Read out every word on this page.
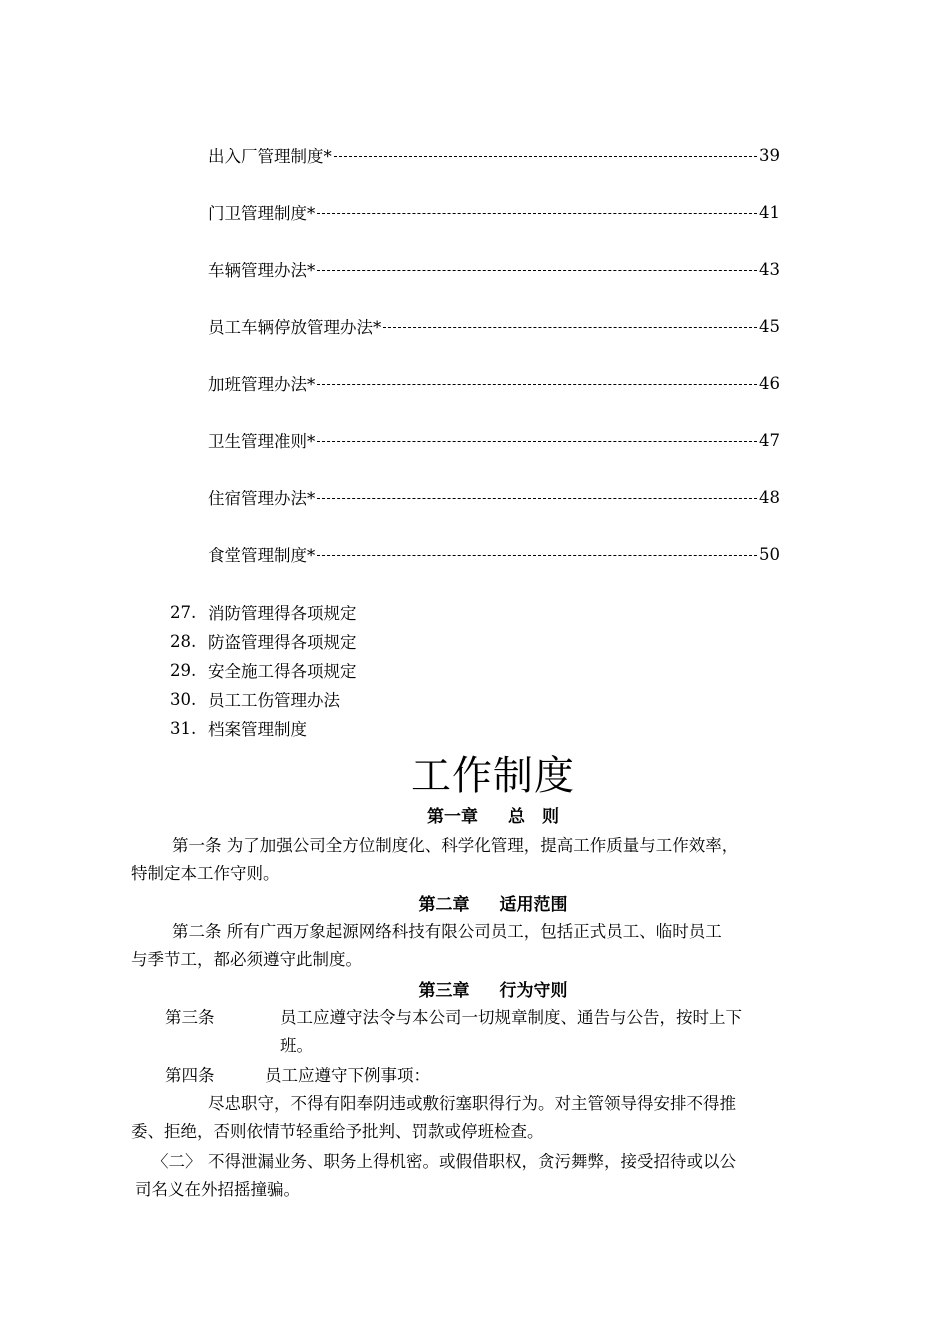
出入厂管理制度*	39
门卫管理制度*	41
车辆管理办法*	43
员工车辆停放管理办法*	45
加班管理办法*	46
卫生管理准则*	47
住宿管理办法*	48
食堂管理制度*	50
27. 消防管理得各项规定
28. 防盗管理得各项规定
29. 安全施工得各项规定
30. 员工工伤管理办法
31. 档案管理制度
工作制度
第一章 总　则
第一条 为了加强公司全方位制度化、科学化管理，提高工作质量与工作效率，
特制定本工作守则。
第二章 适用范围
第二条 所有广西万象起源网络科技有限公司员工，包括正式员工、临时员工
与季节工，都必须遵守此制度。
第三章 行为守则
第三条	员工应遵守法令与本公司一切规章制度、通告与公告，按时上下
班。
第四条	员工应遵守下例事项：
尽忠职守，不得有阳奉阴违或敷衍塞职得行为。对主管领导得安排不得推
委、拒绝，否则依情节轻重给予批判、罚款或停班检查。
〈二〉 不得泄漏业务、职务上得机密。或假借职权，贪污舞弊，接受招待或以公
司名义在外招摇撞骗。
